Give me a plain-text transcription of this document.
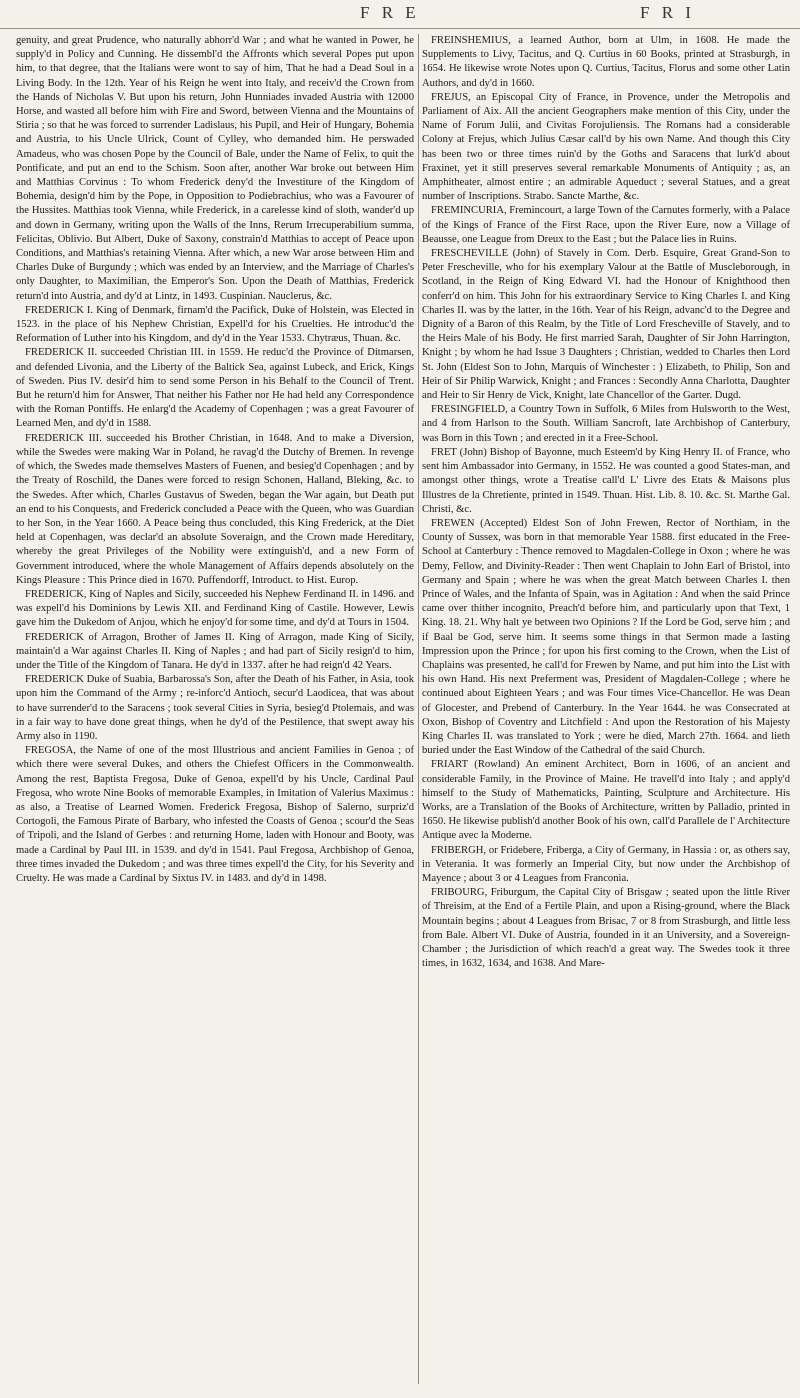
F R E	F R I

genuity, and great Prudence, who naturally abhorr'd War ; and what he wanted in Power, he supply'd in Policy and Cunning. He dissembl'd the Affronts which several Popes put upon him, to that degree, that the Italians were wont to say of him, That he had a Dead Soul in a Living Body. In the 12th. Year of his Reign he went into Italy, and receiv'd the Crown from the Hands of Nicholas V. But upon his return, John Hunniades invaded Austria with 12000 Horse, and wasted all before him with Fire and Sword, between Vienna and the Mountains of Stiria ; so that he was forced to surrender Ladislaus, his Pupil, and Heir of Hungary, Bohemia and Austria, to his Uncle Ulrick, Count of Cylley, who demanded him. He perswaded Amadeus, who was chosen Pope by the Council of Bale, under the Name of Felix, to quit the Pontificate, and put an end to the Schism. Soon after, another War broke out between Him and Matthias Corvinus : To whom Frederick deny'd the Investiture of the Kingdom of Bohemia, design'd him by the Pope, in Opposition to Podiebrachius, who was a Favourer of the Hussites. Matthias took Vienna, while Frederick, in a carelesse kind of sloth, wander'd up and down in Germany, writing upon the Walls of the Inns, Rerum Irrecuperabilium summa, Felicitas, Oblivio. But Albert, Duke of Saxony, constrain'd Matthias to accept of Peace upon Conditions, and Matthias's retaining Vienna. After which, a new War arose between Him and Charles Duke of Burgundy ; which was ended by an Interview, and the Marriage of Charles's only Daughter, to Maximilian, the Emperor's Son. Upon the Death of Matthias, Frederick return'd into Austria, and dy'd at Lintz, in 1493. Cuspinian. Nauclerus, &c.

FREDERICK I. King of Denmark, firnam'd the Pacifick, Duke of Holstein, was Elected in 1523. in the place of his Nephew Christian, Expell'd for his Cruelties. He introduc'd the Reformation of Luther into his Kingdom, and dy'd in the Year 1533. Chytræus, Thuan. &c.

FREDERICK II. succeeded Christian III. in 1559. He reduc'd the Province of Ditmarsen, and defended Livonia, and the Liberty of the Baltick Sea, against Lubeck, and Erick, Kings of Sweden. Pius IV. desir'd him to send some Person in his Behalf to the Council of Trent. But he return'd him for Answer, That neither his Father nor He had held any Correspondence with the Roman Pontiffs. He enlarg'd the Academy of Copenhagen ; was a great Favourer of Learned Men, and dy'd in 1588.

FREDERICK III. succeeded his Brother Christian, in 1648. And to make a Diversion, while the Swedes were making War in Poland, he ravag'd the Dutchy of Bremen. In revenge of which, the Swedes made themselves Masters of Fuenen, and besieg'd Copenhagen ; and by the Treaty of Roschild, the Danes were forced to resign Schonen, Halland, Bleking, &c. to the Swedes. After which, Charles Gustavus of Sweden, began the War again, but Death put an end to his Conquests, and Frederick concluded a Peace with the Queen, who was Guardian to her Son, in the Year 1660. A Peace being thus concluded, this King Frederick, at the Diet held at Copenhagen, was declar'd an absolute Soveraign, and the Crown made Hereditary, whereby the great Privileges of the Nobility were extinguish'd, and a new Form of Government introduced, where the whole Management of Affairs depends absolutely on the Kings Pleasure : This Prince died in 1670. Puffendorff, Introduct. to Hist. Europ.

FREDERICK, King of Naples and Sicily, succeeded his Nephew Ferdinand II. in 1496. and was expell'd his Dominions by Lewis XII. and Ferdinand King of Castile. However, Lewis gave him the Dukedom of Anjou, which he enjoy'd for some time, and dy'd at Tours in 1504.

FREDERICK of Arragon, Brother of James II. King of Arragon, made King of Sicily, maintain'd a War against Charles II. King of Naples ; and had part of Sicily resign'd to him, under the Title of the Kingdom of Tanara. He dy'd in 1337. after he had reign'd 42 Years.

FREDERICK Duke of Suabia, Barbarossa's Son, after the Death of his Father, in Asia, took upon him the Command of the Army ; re-inforc'd Antioch, secur'd Laodicea, that was about to have surrender'd to the Saracens ; took several Cities in Syria, besieg'd Ptolemais, and was in a fair way to have done great things, when he dy'd of the Pestilence, that swept away his Army also in 1190.

FREGOSA, the Name of one of the most Illustrious and ancient Families in Genoa ; of which there were several Dukes, and others the Chiefest Officers in the Commonwealth. Among the rest, Baptista Fregosa, Duke of Genoa, expell'd by his Uncle, Cardinal Paul Fregosa, who wrote Nine Books of memorable Examples, in Imitation of Valerius Maximus : as also, a Treatise of Learned Women. Frederick Fregosa, Bishop of Salerno, surpriz'd Cortogoli, the Famous Pirate of Barbary, who infested the Coasts of Genoa ; scour'd the Seas of Tripoli, and the Island of Gerbes : and returning Home, laden with Honour and Booty, was made a Cardinal by Paul III. in 1539. and dy'd in 1541. Paul Fregosa, Archbishop of Genoa, three times invaded the Dukedom ; and was three times expell'd the City, for his Severity and Cruelty. He was made a Cardinal by Sixtus IV. in 1483. and dy'd in 1498.

FREINSHEMIUS, a learned Author, born at Ulm, in 1608. He made the Supplements to Livy, Tacitus, and Q. Curtius in 60 Books, printed at Strasburgh, in 1654. He likewise wrote Notes upon Q. Curtius, Tacitus, Florus and some other Latin Authors, and dy'd in 1660.

FREJUS, an Episcopal City of France, in Provence, under the Metropolis and Parliament of Aix. All the ancient Geographers make mention of this City, under the Name of Forum Julii, and Civitas Forojuliensis. The Romans had a considerable Colony at Frejus, which Julius Cæsar call'd by his own Name. And though this City has been two or three times ruin'd by the Goths and Saracens that lurk'd about Fraxinet, yet it still preserves several remarkable Monuments of Antiquity ; as, an Amphitheater, almost entire ; an admirable Aqueduct ; several Statues, and a great number of Inscriptions. Strabo. Sancte Marthe, &c.

FREMINCURIA, Fremincourt, a large Town of the Carnutes formerly, with a Palace of the Kings of France of the First Race, upon the River Eure, now a Village of Beausse, one League from Dreux to the East ; but the Palace lies in Ruins.

FRESCHEVILLE (John) of Stavely in Com. Derb. Esquire, Great Grand-Son to Peter Frescheville, who for his exemplary Valour at the Battle of Muscleborough, in Scotland, in the Reign of King Edward VI. had the Honour of Knighthood then conferr'd on him. This John for his extraordinary Service to King Charles I. and King Charles II. was by the latter, in the 16th. Year of his Reign, advanc'd to the Degree and Dignity of a Baron of this Realm, by the Title of Lord Frescheville of Stavely, and to the Heirs Male of his Body. He first married Sarah, Daughter of Sir John Harrington, Knight ; by whom he had Issue 3 Daughters ; Christian, wedded to Charles then Lord St. John (Eldest Son to John, Marquis of Winchester : ) Elizabeth, to Philip, Son and Heir of Sir Philip Warwick, Knight ; and Frances : Secondly Anna Charlotta, Daughter and Heir to Sir Henry de Vick, Knight, late Chancellor of the Garter. Dugd.

FRESINGFIELD, a Country Town in Suffolk, 6 Miles from Hulsworth to the West, and 4 from Harlson to the South. William Sancroft, late Archbishop of Canterbury, was Born in this Town ; and erected in it a Free-School.

FRET (John) Bishop of Bayonne, much Esteem'd by King Henry II. of France, who sent him Ambassador into Germany, in 1552. He was counted a good States-man, and amongst other things, wrote a Treatise call'd L' Livre des Etats & Maisons plus Illustres de la Chretiente, printed in 1549. Thuan. Hist. Lib. 8. 10. &c. St. Marthe Gal. Christi, &c.

FREWEN (Accepted) Eldest Son of John Frewen, Rector of Northiam, in the County of Sussex, was born in that memorable Year 1588. first educated in the Free-School at Canterbury : Thence removed to Magdalen-College in Oxon ; where he was Demy, Fellow, and Divinity-Reader : Then went Chaplain to John Earl of Bristol, into Germany and Spain ; where he was when the great Match between Charles I. then Prince of Wales, and the Infanta of Spain, was in Agitation : And when the said Prince came over thither incognito, Preach'd before him, and particularly upon that Text, 1 King. 18. 21. Why halt ye between two Opinions ? If the Lord be God, serve him ; and if Baal be God, serve him. It seems some things in that Sermon made a lasting Impression upon the Prince ; for upon his first coming to the Crown, when the List of Chaplains was presented, he call'd for Frewen by Name, and put him into the List with his own Hand. His next Preferment was, President of Magdalen-College ; where he continued about Eighteen Years ; and was Four times Vice-Chancellor. He was Dean of Glocester, and Prebend of Canterbury. In the Year 1644. he was Consecrated at Oxon, Bishop of Coventry and Litchfield : And upon the Restoration of his Majesty King Charles II. was translated to York ; were he died, March 27th. 1664. and lieth buried under the East Window of the Cathedral of the said Church.

FRIART (Rowland) An eminent Architect, Born in 1606, of an ancient and considerable Family, in the Province of Maine. He travell'd into Italy ; and apply'd himself to the Study of Mathematicks, Painting, Sculpture and Architecture. His Works, are a Translation of the Books of Architecture, written by Palladio, printed in 1650. He likewise publish'd another Book of his own, call'd Parallele de l' Architecture Antique avec la Moderne.

FRIBERGH, or Fridebere, Friberga, a City of Germany, in Hassia : or, as others say, in Veterania. It was formerly an Imperial City, but now under the Archbishop of Mayence ; about 3 or 4 Leagues from Franconia.

FRIBOURG, Friburgum, the Capital City of Brisgaw ; seated upon the little River of Threisim, at the End of a Fertile Plain, and upon a Rising-ground, where the Black Mountain begins ; about 4 Leagues from Brisac, 7 or 8 from Strasburgh, and little less from Bale. Albert VI. Duke of Austria, founded in it an University, and a Sovereign-Chamber ; the Jurisdiction of which reach'd a great way. The Swedes took it three times, in 1632, 1634, and 1638. And Mare-
